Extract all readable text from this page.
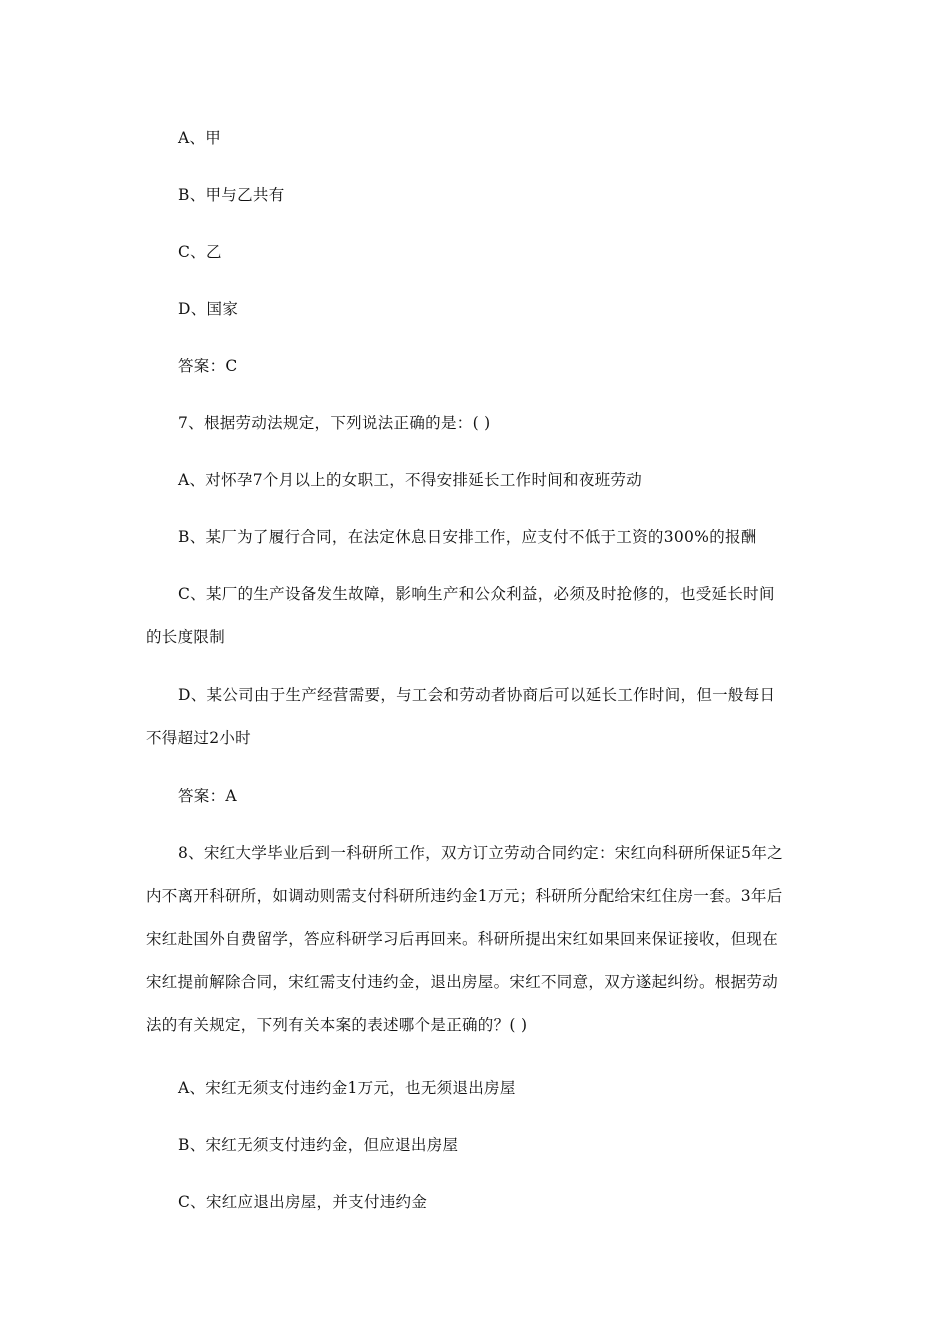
A、甲
B、甲与乙共有
C、乙
D、国家
答案：C
7、根据劳动法规定，下列说法正确的是：( )
A、对怀孕7个月以上的女职工，不得安排延长工作时间和夜班劳动
B、某厂为了履行合同，在法定休息日安排工作，应支付不低于工资的300%的报酬
C、某厂的生产设备发生故障，影响生产和公众利益，必须及时抢修的，也受延长时间
的长度限制
D、某公司由于生产经营需要，与工会和劳动者协商后可以延长工作时间，但一般每日
不得超过2小时
答案：A
8、宋红大学毕业后到一科研所工作，双方订立劳动合同约定：宋红向科研所保证5年之
内不离开科研所，如调动则需支付科研所违约金1万元；科研所分配给宋红住房一套。3年后
宋红赴国外自费留学，答应科研学习后再回来。科研所提出宋红如果回来保证接收，但现在
宋红提前解除合同，宋红需支付违约金，退出房屋。宋红不同意，双方遂起纠纷。根据劳动
法的有关规定，下列有关本案的表述哪个是正确的？( )
A、宋红无须支付违约金1万元，也无须退出房屋
B、宋红无须支付违约金，但应退出房屋
C、宋红应退出房屋，并支付违约金
